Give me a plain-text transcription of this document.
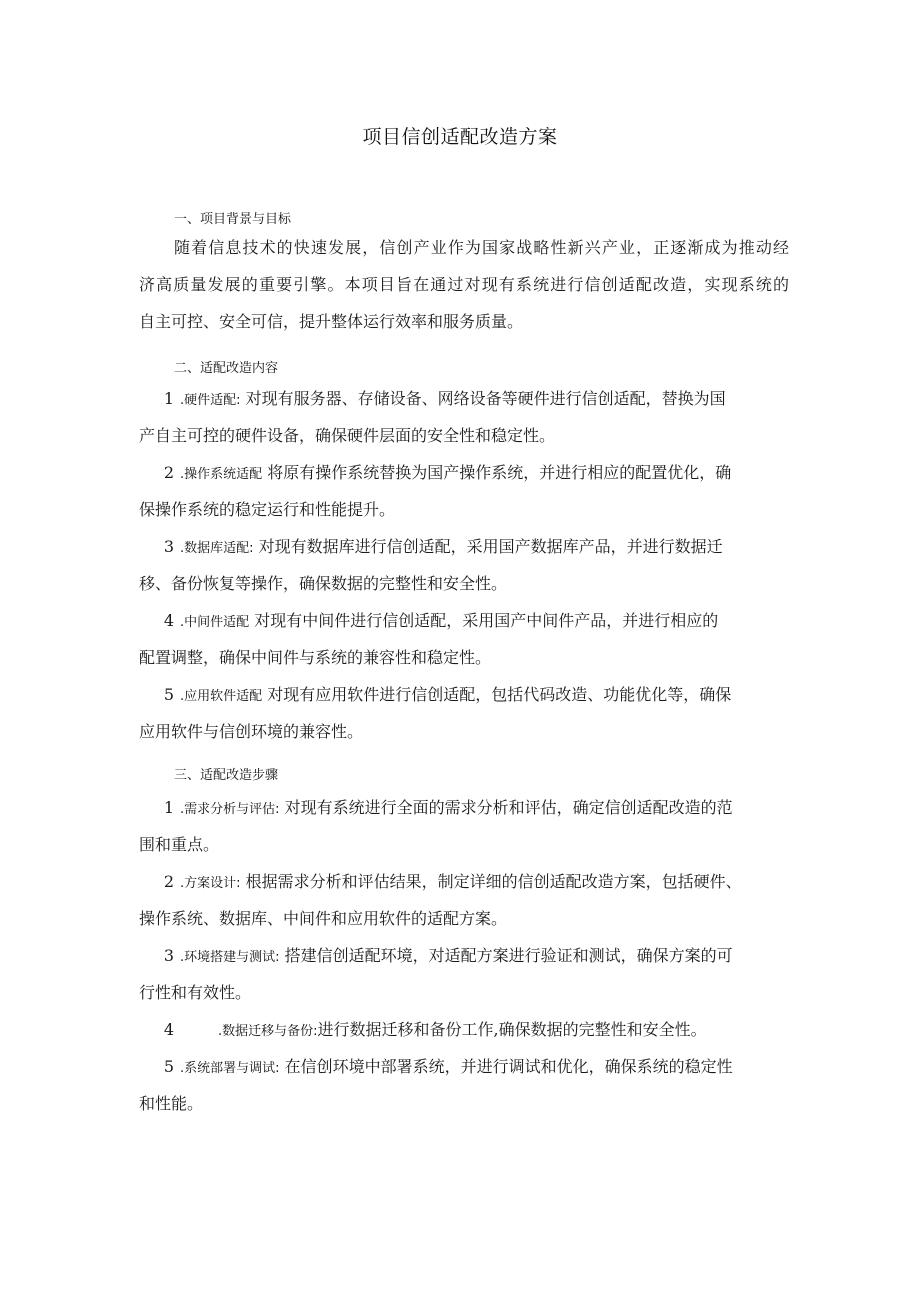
项目信创适配改造方案
一、项目背景与目标
随着信息技术的快速发展，信创产业作为国家战略性新兴产业，正逐渐成为推动经
济高质量发展的重要引擎。本项目旨在通过对现有系统进行信创适配改造，实现系统的
自主可控、安全可信，提升整体运行效率和服务质量。
二、适配改造内容
1 .硬件适配: 对现有服务器、存储设备、网络设备等硬件进行信创适配，替换为国
产自主可控的硬件设备，确保硬件层面的安全性和稳定性。
2 .操作系统适配 将原有操作系统替换为国产操作系统，并进行相应的配置优化，确
保操作系统的稳定运行和性能提升。
3 .数据库适配: 对现有数据库进行信创适配，采用国产数据库产品，并进行数据迁
移、备份恢复等操作，确保数据的完整性和安全性。
4 .中间件适配 对现有中间件进行信创适配，采用国产中间件产品，并进行相应的
配置调整，确保中间件与系统的兼容性和稳定性。
5 .应用软件适配 对现有应用软件进行信创适配，包括代码改造、功能优化等，确保
应用软件与信创环境的兼容性。
三、适配改造步骤
1 .需求分析与评估: 对现有系统进行全面的需求分析和评估，确定信创适配改造的范
围和重点。
2 .方案设计: 根据需求分析和评估结果，制定详细的信创适配改造方案，包括硬件、
操作系统、数据库、中间件和应用软件的适配方案。
3 .环境搭建与测试: 搭建信创适配环境，对适配方案进行验证和测试，确保方案的可
行性和有效性。
4	.数据迁移与备份:进行数据迁移和备份工作,确保数据的完整性和安全性。
5 .系统部署与调试: 在信创环境中部署系统，并进行调试和优化，确保系统的稳定性
和性能。
